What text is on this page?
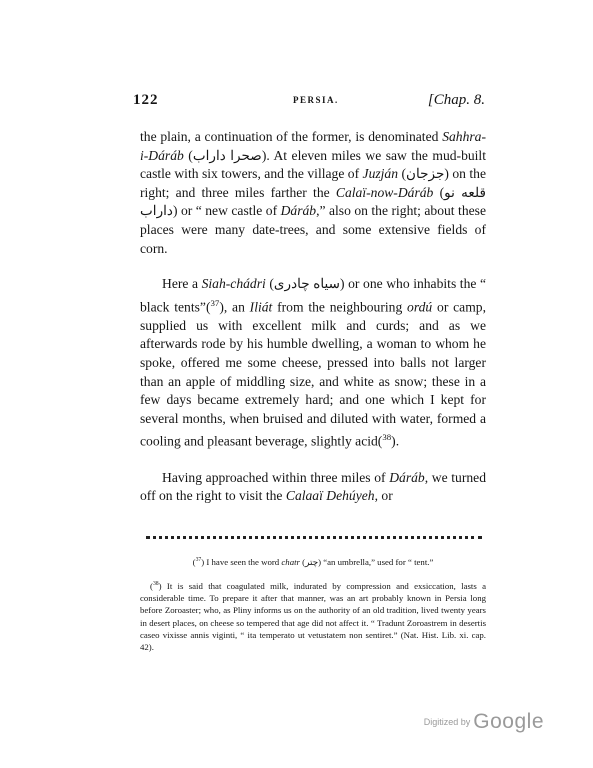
122	PERSIA.	[Chap. 8.

the plain, a continuation of the former, is denominated Sahhra-i-Dáráb (صحرا داراب). At eleven miles we saw the mud-built castle with six towers, and the village of Juzján (جزجان) on the right; and three miles farther the Calaï-now-Dáráb (قلعه نو داراب) or “ new castle of Dáráb,” also on the right; about these places were many date-trees, and some extensive fields of corn.

Here a Siah-chádri (سیاه چادری) or one who inhabits the “ black tents”($^{37}$), an Iliát from the neighbouring ordú or camp, supplied us with excellent milk and curds; and as we afterwards rode by his humble dwelling, a woman to whom he spoke, offered me some cheese, pressed into balls not larger than an apple of middling size, and white as snow; these in a few days became extremely hard; and one which I kept for several months, when bruised and diluted with water, formed a cooling and pleasant beverage, slightly acid($^{38}$).

Having approached within three miles of Dáráb, we turned off on the right to visit the Calaaï Dehúyeh, or

($^{37}$) I have seen the word chatr (چتر) “an umbrella,” used for “ tent.”

($^{38}$) It is said that coagulated milk, indurated by compression and exsiccation, lasts a considerable time. To prepare it after that manner, was an art probably known in Persia long before Zoroaster; who, as Pliny informs us on the authority of an old tradition, lived twenty years in desert places, on cheese so tempered that age did not affect it. “ Tradunt Zoroastrem in desertis caseo vixisse annis viginti, “ ita temperato ut vetustatem non sentiret.” (Nat. Hist. Lib. xi. cap. 42).

Digitized by Google
